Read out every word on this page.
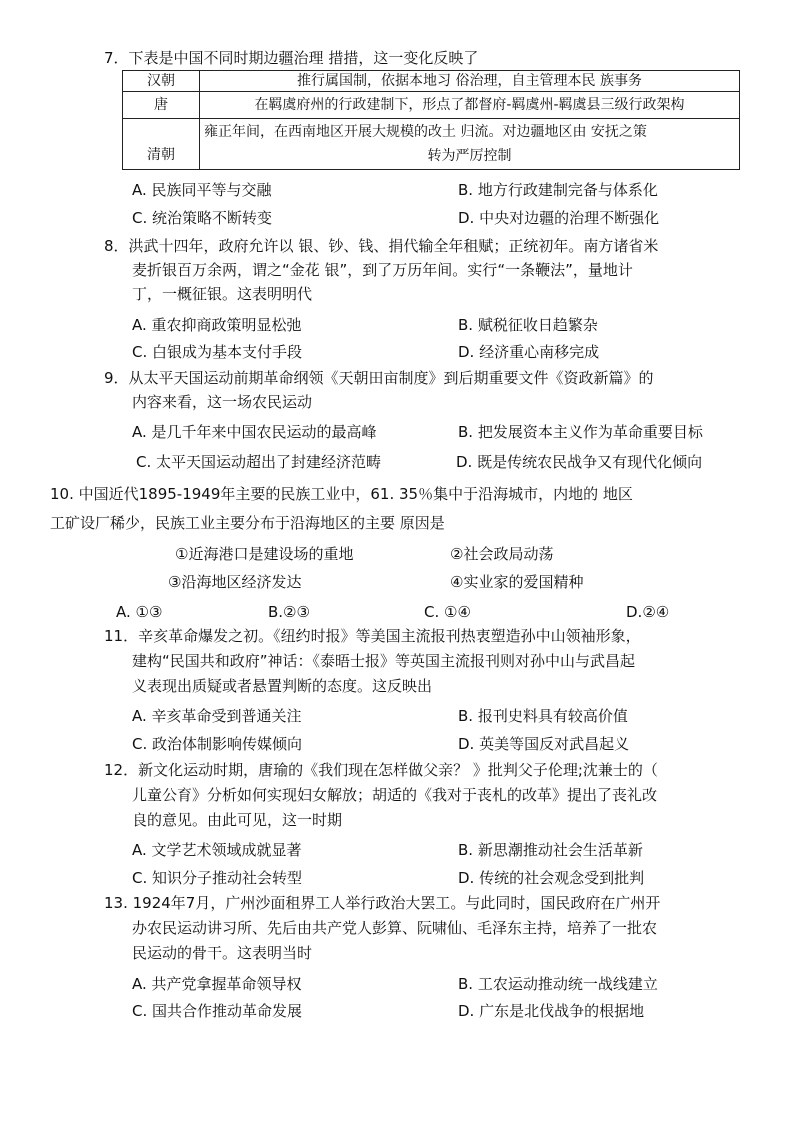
7．下表是中国不同时期边疆治理 措措，这一变化反映了
汉朝	推行属国制，依据本地习 俗治理，自主管理本民 族事务
唐	在羁虞府州的行政建制下，形点了都督府-羁虞州-羁虞县三级行政架构
清朝	雍正年间，在西南地区开展大规模的改土 归流。对边疆地区由 安抚之策
转为严厉控制
A. 民族同平等与交融	B. 地方行政建制完备与体系化
C. 统治策略不断转变	D. 中央对边疆的治理不断强化
8．洪武十四年，政府允许以 银、钞、钱、捐代输全年租赋；正统初年。南方诸省米
麦折银百万余两，谓之“金花 银”，到了万历年间。实行“一条鞭法”，量地计
丁，一概征银。这表明明代
A. 重农抑商政策明显松弛	B. 赋税征收日趋繁杂
C. 白银成为基本支付手段	D. 经济重心南移完成
9．从太平天国运动前期革命纲领《天朝田亩制度》到后期重要文件《资政新篇》的
内容来看，这一场农民运动
A. 是几千年来中国农民运动的最高峰	B. 把发展资本主义作为革命重要目标
C. 太平天国运动超出了封建经济范畴	D. 既是传统农民战争又有现代化倾向
10. 中国近代1895-1949年主要的民族工业中，61. 35％集中于沿海城市，内地的 地区
工矿设厂稀少，民族工业主要分布于沿海地区的主要 原因是
①近海港口是建设场的重地	②社会政局动荡
③沿海地区经济发达	④实业家的爱国精种
A. ①③	B.②③	C. ①④	D.②④
11．辛亥革命爆发之初。《纽约时报》等美国主流报刊热衷塑造孙中山领袖形象，
建构“民国共和政府”神话：《泰晤士报》等英国主流报刊则对孙中山与武昌起
义表现出质疑或者悬置判断的态度。这反映出
A. 辛亥革命受到普通关注	B. 报刊史料具有较高价值
C. 政治体制影响传媒倾向	D. 英美等国反对武昌起义
12．新文化运动时期，唐瑜的《我们现在怎样做父亲？ 》批判父子伦理;沈兼士的（
儿童公育》分析如何实现妇女解放；胡适的《我对于丧札的改革》提出了丧礼改
良的意见。由此可见，这一时期
A. 文学艺术领域成就显著	B. 新思潮推动社会生活革新
C. 知识分子推动社会转型	D. 传统的社会观念受到批判
13. 1924年7月，广州沙面租界工人举行政治大罢工。与此同时，国民政府在广州开
办农民运动讲习所、先后由共产党人彭算、阮啸仙、毛泽东主持，培养了一批农
民运动的骨干。这表明当时
A. 共产党拿握革命领导权	B. 工农运动推动统一战线建立
C. 国共合作推动革命发展	D. 广东是北伐战争的根据地
